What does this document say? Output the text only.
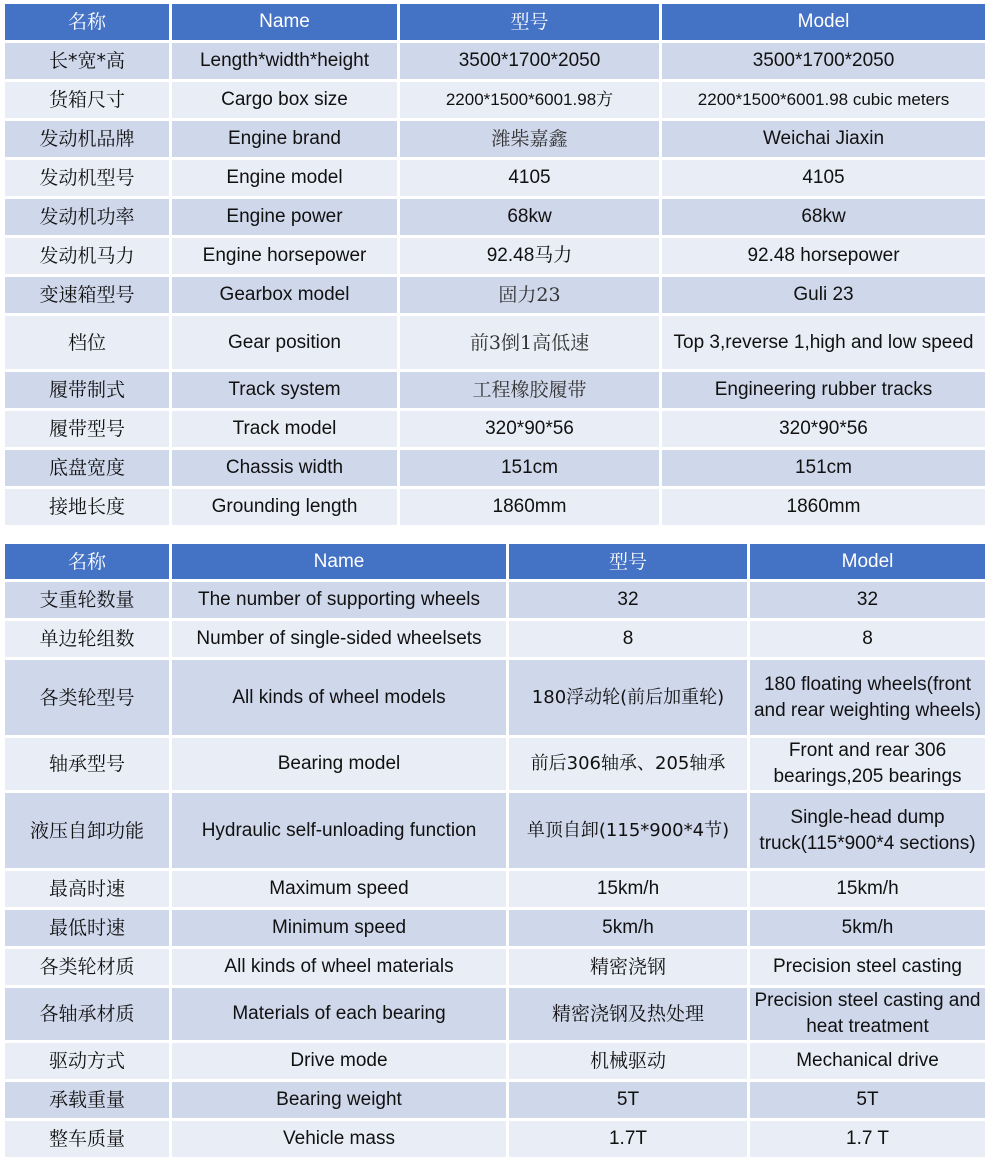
名称	Name	型号	Model
长*宽*高	Length*width*height	3500*1700*2050	3500*1700*2050
货箱尺寸	Cargo box size	2200*1500*6001.98方	2200*1500*6001.98 cubic meters
发动机品牌	Engine brand	潍柴嘉鑫	Weichai Jiaxin
发动机型号	Engine model	4105	4105
发动机功率	Engine power	68kw	68kw
发动机马力	Engine horsepower	92.48马力	92.48 horsepower
变速箱型号	Gearbox model	固力23	Guli 23
档位	Gear position	前3倒1高低速	Top 3,reverse 1,high and low speed
履带制式	Track system	工程橡胶履带	Engineering rubber tracks
履带型号	Track model	320*90*56	320*90*56
底盘宽度	Chassis width	151cm	151cm
接地长度	Grounding length	1860mm	1860mm
名称	Name	型号	Model
支重轮数量	The number of supporting wheels	32	32
单边轮组数	Number of single-sided wheelsets	8	8
各类轮型号	All kinds of wheel models	180浮动轮(前后加重轮)	180 floating wheels(front and rear weighting wheels)
轴承型号	Bearing model	前后306轴承、205轴承	Front and rear 306 bearings,205 bearings
液压自卸功能	Hydraulic self-unloading function	单顶自卸(115*900*4节)	Single-head dump truck(115*900*4 sections)
最高时速	Maximum speed	15km/h	15km/h
最低时速	Minimum speed	5km/h	5km/h
各类轮材质	All kinds of wheel materials	精密浇钢	Precision steel casting
各轴承材质	Materials of each bearing	精密浇钢及热处理	Precision steel casting and heat treatment
驱动方式	Drive mode	机械驱动	Mechanical drive
承载重量	Bearing weight	5T	5T
整车质量	Vehicle mass	1.7T	1.7 T
